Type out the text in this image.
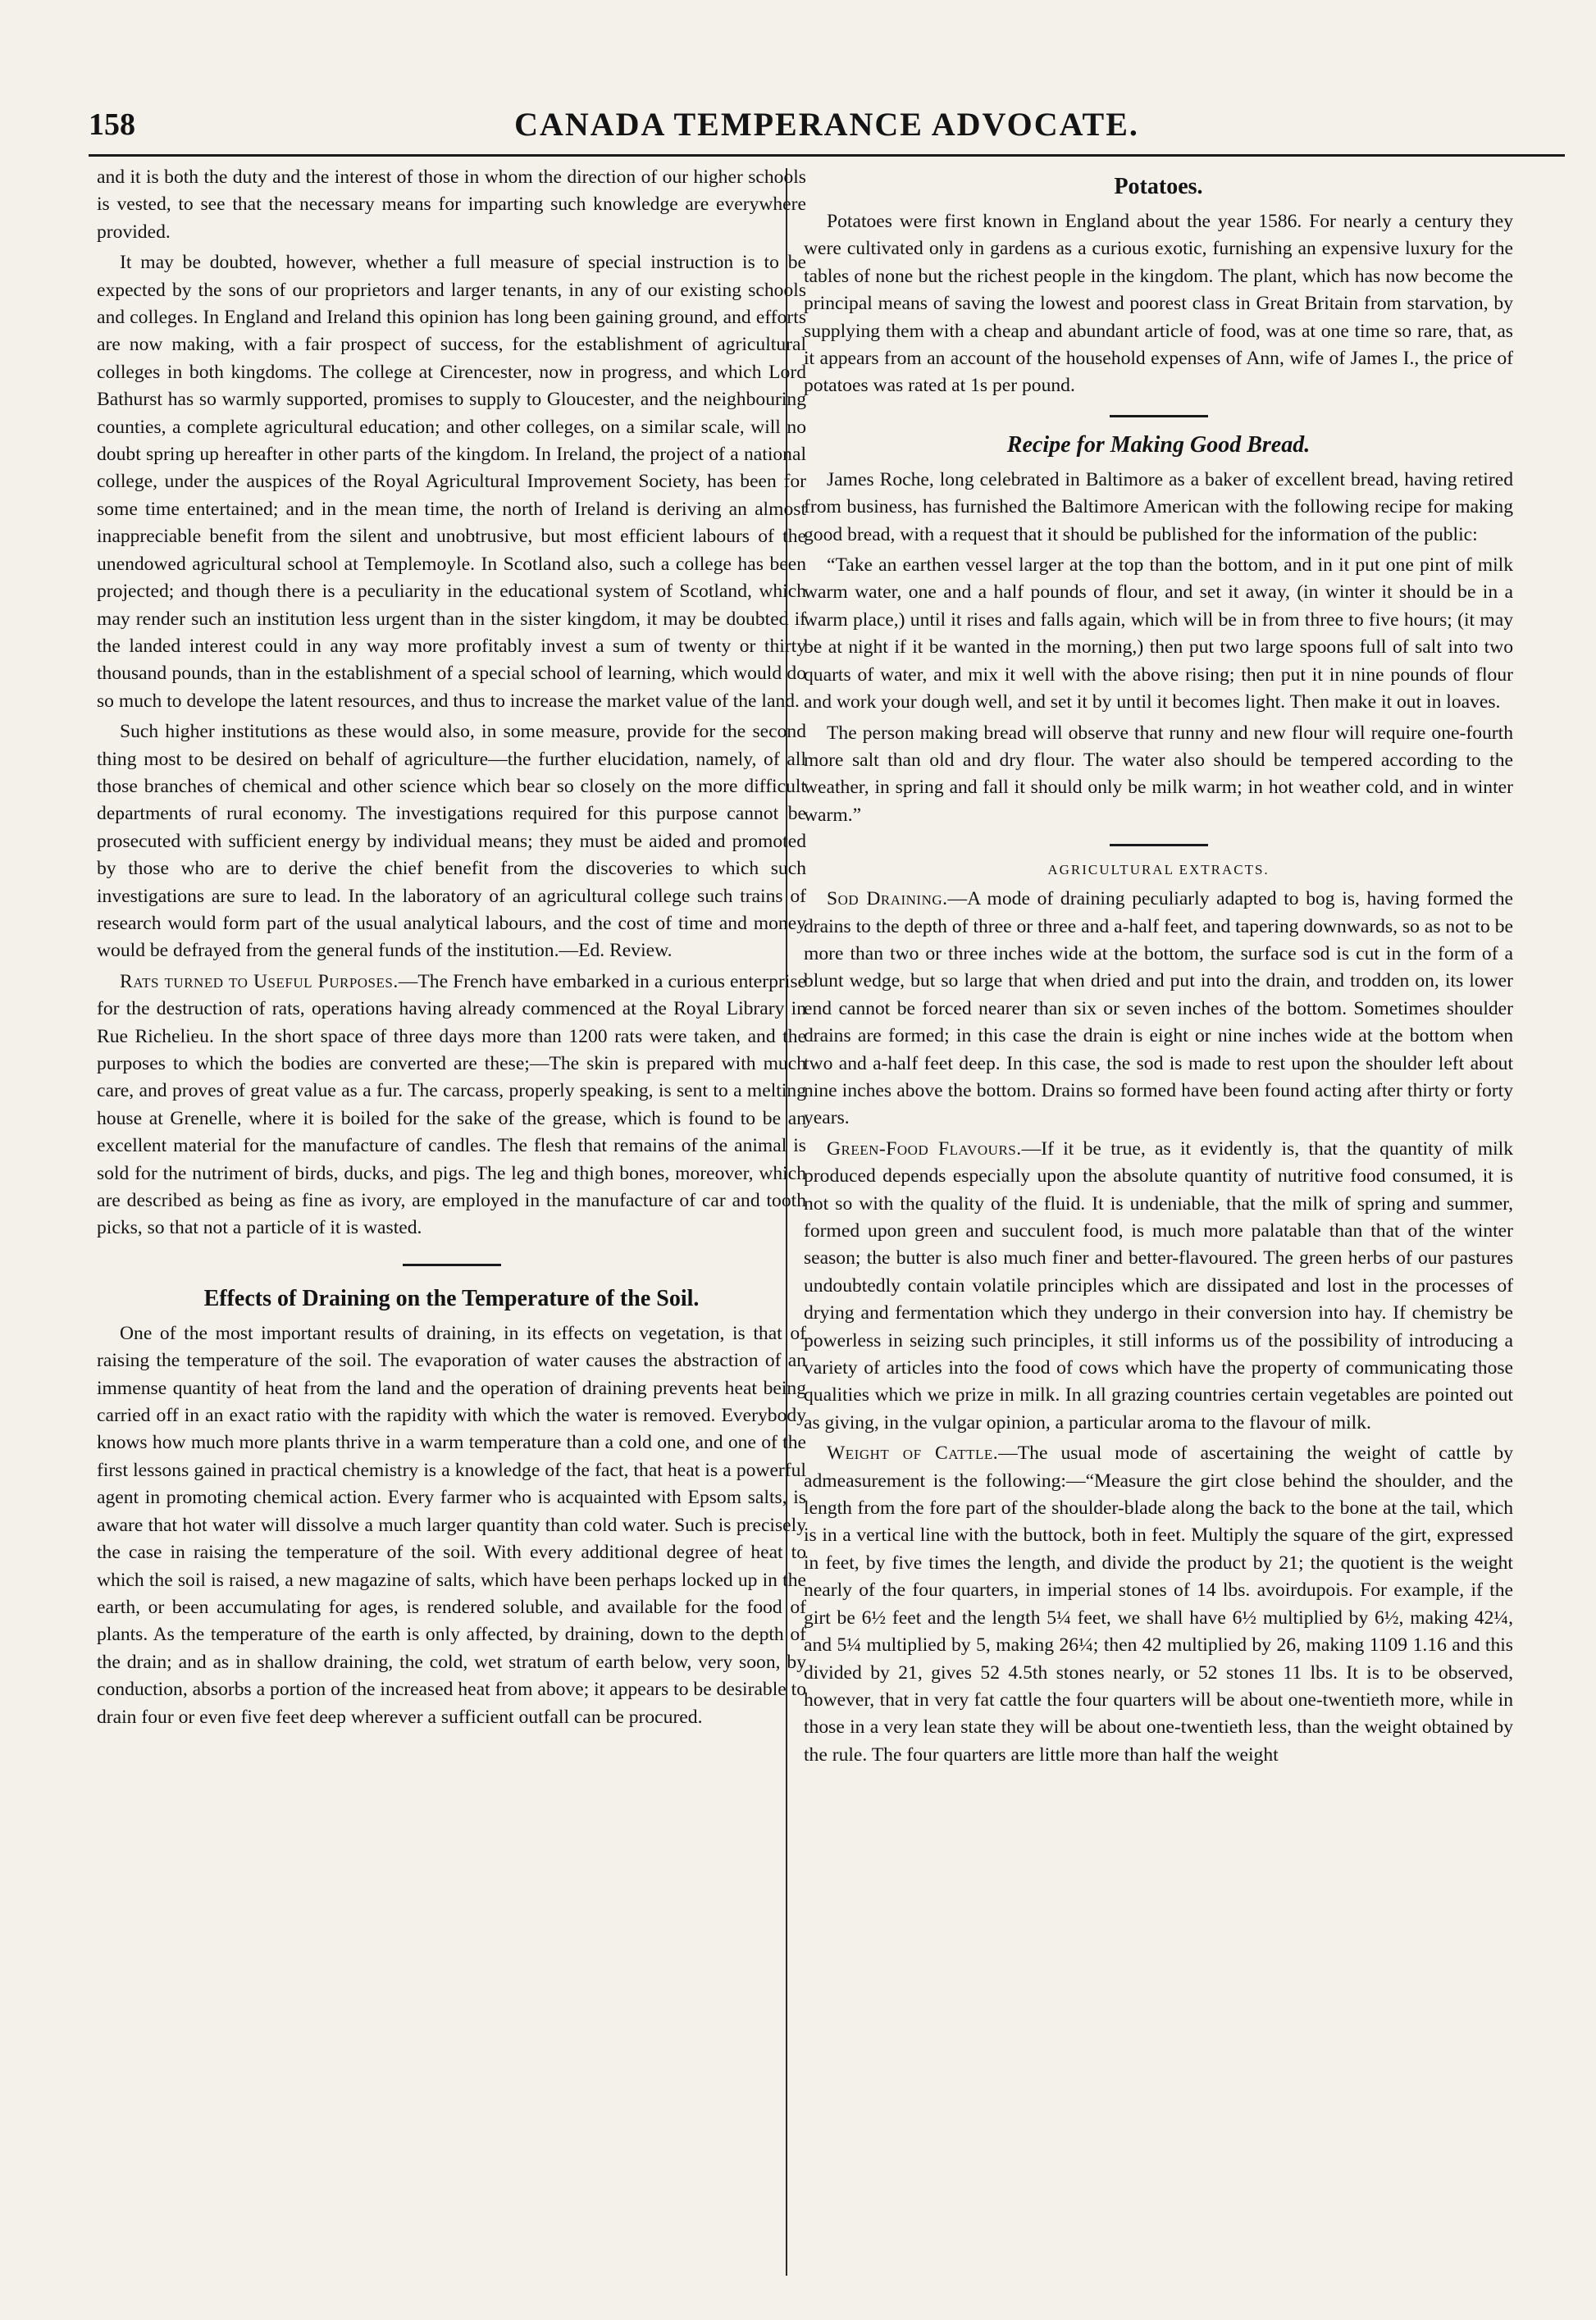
158	CANADA TEMPERANCE ADVOCATE.

and it is both the duty and the interest of those in whom the direction of our higher schools is vested, to see that the necessary means for imparting such knowledge are everywhere provided.

It may be doubted, however, whether a full measure of special instruction is to be expected by the sons of our proprietors and larger tenants, in any of our existing schools and colleges. In England and Ireland this opinion has long been gaining ground, and efforts are now making, with a fair prospect of success, for the establishment of agricultural colleges in both kingdoms. The college at Cirencester, now in progress, and which Lord Bathurst has so warmly supported, promises to supply to Gloucester, and the neighbouring counties, a complete agricultural education; and other colleges, on a similar scale, will no doubt spring up hereafter in other parts of the kingdom. In Ireland, the project of a national college, under the auspices of the Royal Agricultural Improvement Society, has been for some time entertained; and in the mean time, the north of Ireland is deriving an almost inappreciable benefit from the silent and unobtrusive, but most efficient labours of the unendowed agricultural school at Templemoyle. In Scotland also, such a college has been projected; and though there is a peculiarity in the educational system of Scotland, which may render such an institution less urgent than in the sister kingdom, it may be doubted if the landed interest could in any way more profitably invest a sum of twenty or thirty thousand pounds, than in the establishment of a special school of learning, which would do so much to develope the latent resources, and thus to increase the market value of the land.

Such higher institutions as these would also, in some measure, provide for the second thing most to be desired on behalf of agriculture—the further elucidation, namely, of all those branches of chemical and other science which bear so closely on the more difficult departments of rural economy. The investigations required for this purpose cannot be prosecuted with sufficient energy by individual means; they must be aided and promoted by those who are to derive the chief benefit from the discoveries to which such investigations are sure to lead. In the laboratory of an agricultural college such trains of research would form part of the usual analytical labours, and the cost of time and money would be defrayed from the general funds of the institution.—Ed. Review.

Rats turned to Useful Purposes.—The French have embarked in a curious enterprise for the destruction of rats, operations having already commenced at the Royal Library in Rue Richelieu. In the short space of three days more than 1200 rats were taken, and the purposes to which the bodies are converted are these;—The skin is prepared with much care, and proves of great value as a fur. The carcass, properly speaking, is sent to a melting house at Grenelle, where it is boiled for the sake of the grease, which is found to be an excellent material for the manufacture of candles. The flesh that remains of the animal is sold for the nutriment of birds, ducks, and pigs. The leg and thigh bones, moreover, which are described as being as fine as ivory, are employed in the manufacture of car and tooth picks, so that not a particle of it is wasted.

Effects of Draining on the Temperature of the Soil.

One of the most important results of draining, in its effects on vegetation, is that of raising the temperature of the soil. The evaporation of water causes the abstraction of an immense quantity of heat from the land and the operation of draining prevents heat being carried off in an exact ratio with the rapidity with which the water is removed. Everybody knows how much more plants thrive in a warm temperature than a cold one, and one of the first lessons gained in practical chemistry is a knowledge of the fact, that heat is a powerful agent in promoting chemical action. Every farmer who is acquainted with Epsom salts, is aware that hot water will dissolve a much larger quantity than cold water. Such is precisely the case in raising the temperature of the soil. With every additional degree of heat to which the soil is raised, a new magazine of salts, which have been perhaps locked up in the earth, or been accumulating for ages, is rendered soluble, and available for the food of plants. As the temperature of the earth is only affected, by draining, down to the depth of the drain; and as in shallow draining, the cold, wet stratum of earth below, very soon, by conduction, absorbs a portion of the increased heat from above; it appears to be desirable to drain four or even five feet deep wherever a sufficient outfall can be procured.

Potatoes.

Potatoes were first known in England about the year 1586. For nearly a century they were cultivated only in gardens as a curious exotic, furnishing an expensive luxury for the tables of none but the richest people in the kingdom. The plant, which has now become the principal means of saving the lowest and poorest class in Great Britain from starvation, by supplying them with a cheap and abundant article of food, was at one time so rare, that, as it appears from an account of the household expenses of Ann, wife of James I., the price of potatoes was rated at 1s per pound.

Recipe for Making Good Bread.

James Roche, long celebrated in Baltimore as a baker of excellent bread, having retired from business, has furnished the Baltimore American with the following recipe for making good bread, with a request that it should be published for the information of the public:

“Take an earthen vessel larger at the top than the bottom, and in it put one pint of milk warm water, one and a half pounds of flour, and set it away, (in winter it should be in a warm place,) until it rises and falls again, which will be in from three to five hours; (it may be at night if it be wanted in the morning,) then put two large spoons full of salt into two quarts of water, and mix it well with the above rising; then put it in nine pounds of flour and work your dough well, and set it by until it becomes light. Then make it out in loaves.

The person making bread will observe that runny and new flour will require one-fourth more salt than old and dry flour. The water also should be tempered according to the weather, in spring and fall it should only be milk warm; in hot weather cold, and in winter warm.”

AGRICULTURAL EXTRACTS.

Sod Draining.—A mode of draining peculiarly adapted to bog is, having formed the drains to the depth of three or three and a-half feet, and tapering downwards, so as not to be more than two or three inches wide at the bottom, the surface sod is cut in the form of a blunt wedge, but so large that when dried and put into the drain, and trodden on, its lower end cannot be forced nearer than six or seven inches of the bottom. Sometimes shoulder drains are formed; in this case the drain is eight or nine inches wide at the bottom when two and a-half feet deep. In this case, the sod is made to rest upon the shoulder left about nine inches above the bottom. Drains so formed have been found acting after thirty or forty years.

Green-Food Flavours.—If it be true, as it evidently is, that the quantity of milk produced depends especially upon the absolute quantity of nutritive food consumed, it is not so with the quality of the fluid. It is undeniable, that the milk of spring and summer, formed upon green and succulent food, is much more palatable than that of the winter season; the butter is also much finer and better-flavoured. The green herbs of our pastures undoubtedly contain volatile principles which are dissipated and lost in the processes of drying and fermentation which they undergo in their conversion into hay. If chemistry be powerless in seizing such principles, it still informs us of the possibility of introducing a variety of articles into the food of cows which have the property of communicating those qualities which we prize in milk. In all grazing countries certain vegetables are pointed out as giving, in the vulgar opinion, a particular aroma to the flavour of milk.

Weight of Cattle.—The usual mode of ascertaining the weight of cattle by admeasurement is the following:—“Measure the girt close behind the shoulder, and the length from the fore part of the shoulder-blade along the back to the bone at the tail, which is in a vertical line with the buttock, both in feet. Multiply the square of the girt, expressed in feet, by five times the length, and divide the product by 21; the quotient is the weight nearly of the four quarters, in imperial stones of 14 lbs. avoirdupois. For example, if the girt be 6½ feet and the length 5¼ feet, we shall have 6½ multiplied by 6½, making 42¼, and 5¼ multiplied by 5, making 26¼; then 42 multiplied by 26, making 1109 1.16 and this divided by 21, gives 52 4.5th stones nearly, or 52 stones 11 lbs. It is to be observed, however, that in very fat cattle the four quarters will be about one-twentieth more, while in those in a very lean state they will be about one-twentieth less, than the weight obtained by the rule. The four quarters are little more than half the weight
